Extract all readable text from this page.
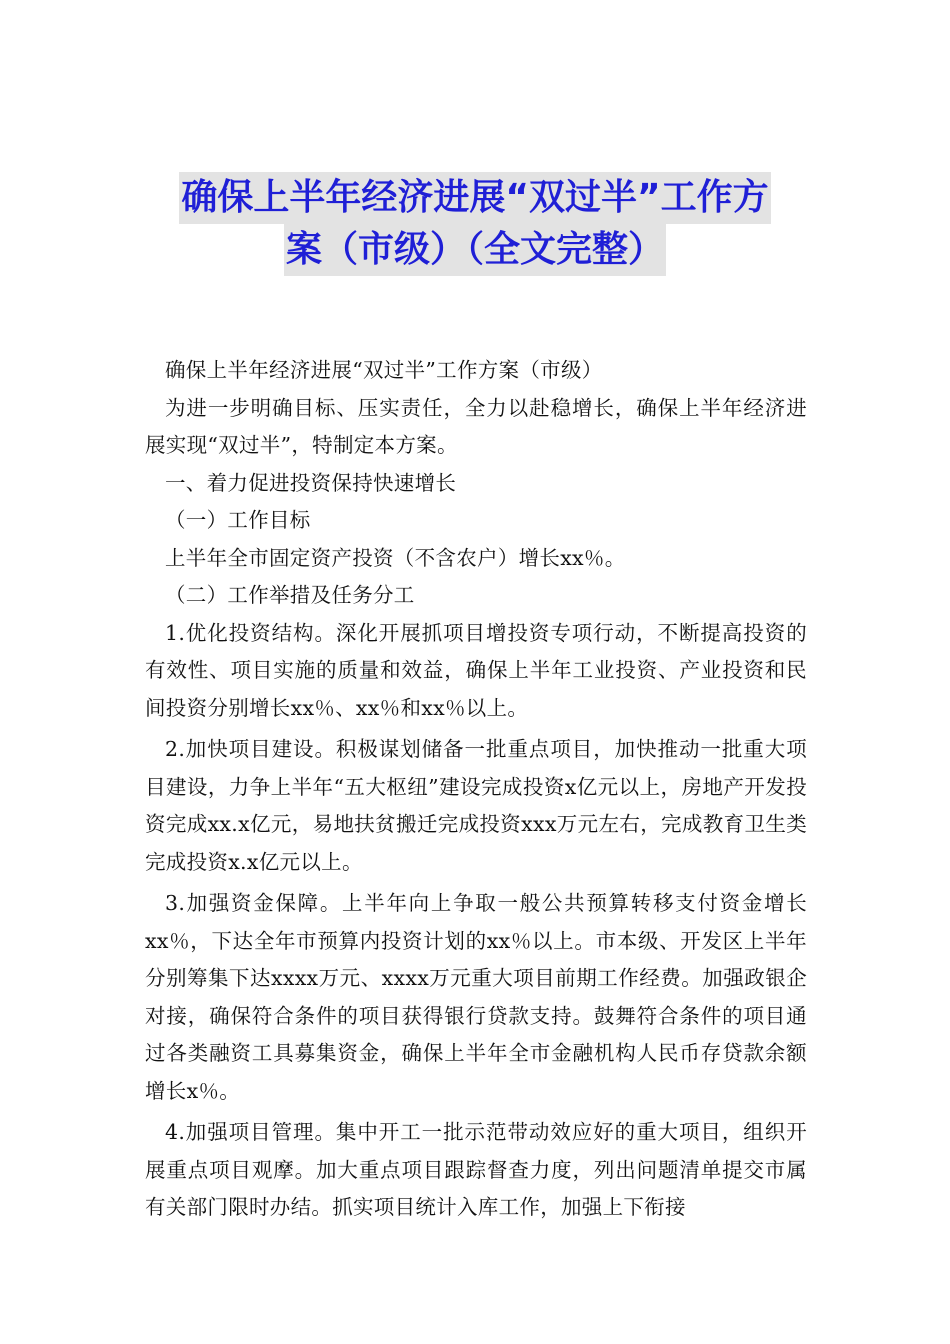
确保上半年经济进展“双过半”工作方
案（市级）（全文完整）

确保上半年经济进展“双过半”工作方案（市级）

为进一步明确目标、压实责任，全力以赴稳增长，确保上半年经济进展实现“双过半”，特制定本方案。

一、着力促进投资保持快速增长

（一）工作目标

上半年全市固定资产投资（不含农户）增长xx％。

（二）工作举措及任务分工

1.优化投资结构。深化开展抓项目增投资专项行动，不断提高投资的有效性、项目实施的质量和效益，确保上半年工业投资、产业投资和民间投资分别增长xx％、xx％和xx％以上。

2.加快项目建设。积极谋划储备一批重点项目，加快推动一批重大项目建设，力争上半年“五大枢纽”建设完成投资x亿元以上，房地产开发投资完成xx.x亿元，易地扶贫搬迁完成投资xxx万元左右，完成教育卫生类完成投资x.x亿元以上。

3.加强资金保障。上半年向上争取一般公共预算转移支付资金增长xx％，下达全年市预算内投资计划的xx％以上。市本级、开发区上半年分别筹集下达xxxx万元、xxxx万元重大项目前期工作经费。加强政银企对接，确保符合条件的项目获得银行贷款支持。鼓舞符合条件的项目通过各类融资工具募集资金，确保上半年全市金融机构人民币存贷款余额增长x％。

4.加强项目管理。集中开工一批示范带动效应好的重大项目，组织开展重点项目观摩。加大重点项目跟踪督查力度，列出问题清单提交市属有关部门限时办结。抓实项目统计入库工作，加强上下衔接
